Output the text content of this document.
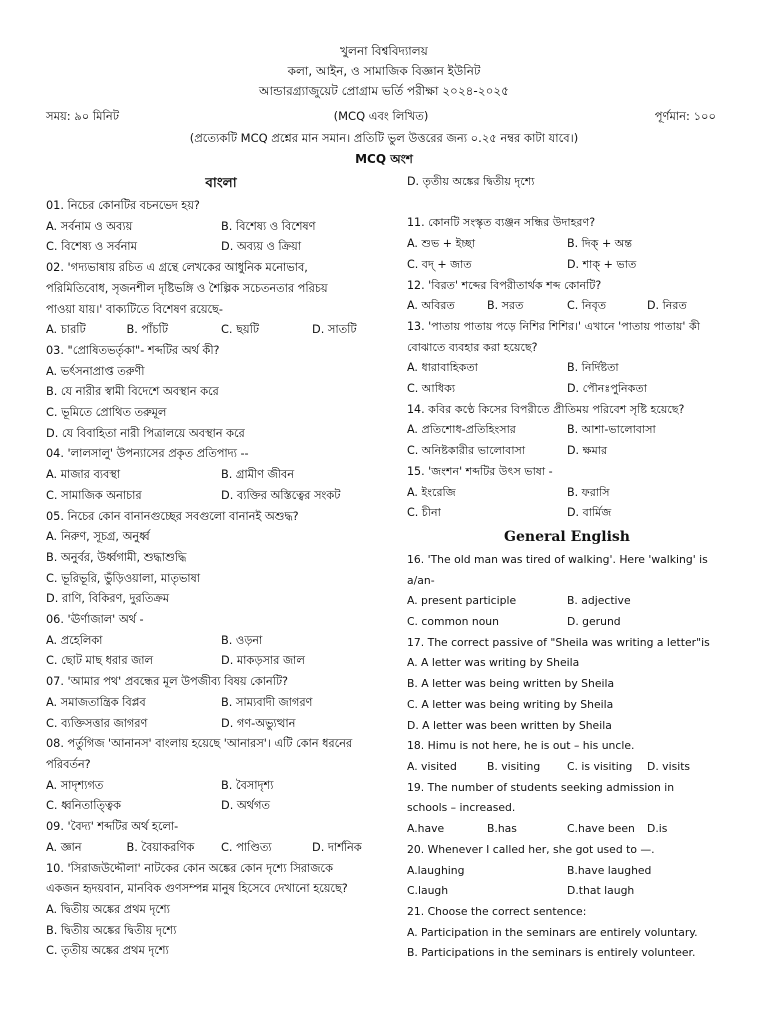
খুলনা বিশ্ববিদ্যালয়
কলা, আইন, ও সামাজিক বিজ্ঞান ইউনিট
আন্ডারগ্র্যাজুয়েট প্রোগ্রাম ভর্তি পরীক্ষা ২০২৪-২০২৫
সময়: ৯০ মিনিট	(MCQ এবং লিখিত)	পূর্ণমান: ১০০
(প্রত্যেকটি MCQ প্রশ্নের মান সমান। প্রতিটি ভুল উত্তরের জন্য ০.২৫ নম্বর কাটা যাবে।)
MCQ অংশ
বাংলা
01. নিচের কোনটির বচনভেদ হয়?
A. সর্বনাম ও অব্যয়	B. বিশেষ্য ও বিশেষণ
C. বিশেষ্য ও সর্বনাম	D. অব্যয় ও ক্রিয়া
02. 'গদ্যভাষায় রচিত এ গ্রন্থে লেখকের আধুনিক মনোভাব,
পরিমিতিবোধ, সৃজনশীল দৃষ্টিভঙ্গি ও শৈল্পিক সচেতনতার পরিচয়
পাওয়া যায়।' বাক্যটিতে বিশেষণ রয়েছে-
A. চারটি	B. পাঁচটি	C. ছয়টি	D. সাতটি
03. "প্রোষিতভর্তৃকা"- শব্দটির অর্থ কী?
A. ভর্ৎসনাপ্রাপ্ত তরুণী
B. যে নারীর স্বামী বিদেশে অবস্থান করে
C. ভূমিতে প্রোথিত তরুমূল
D. যে বিবাহিতা নারী পিত্রালয়ে অবস্থান করে
04. 'লালসালু' উপন্যাসের প্রকৃত প্রতিপাদ্য --
A. মাজার ব্যবস্থা	B. গ্রামীণ জীবন
C. সামাজিক অনাচার	D. ব্যক্তির অস্তিত্বের সংকট
05. নিচের কোন বানানগুচ্ছের সবগুলো বানানই অশুদ্ধ?
A. নিরুণ, সূচগ্র, অনুর্ধ্ব
B. অনুর্বর, উর্ধ্বগামী, শুদ্ধাশুদ্ধি
C. ভূরিভূরি, ভুঁড়িওয়ালা, মাতৃভাষা
D. রাণি, বিকিরণ, দুরতিক্রম
06. 'ঊর্ণাজাল' অর্থ -
A. প্রহেলিকা	B. ওড়না
C. ছোট মাছ ধরার জাল	D. মাকড়সার জাল
07. 'আমার পথ' প্রবন্ধের মূল উপজীব্য বিষয় কোনটি?
A. সমাজতান্ত্রিক বিপ্লব	B. সাম্যবাদী জাগরণ
C. ব্যক্তিসত্তার জাগরণ	D. গণ-অভ্যুত্থান
08. পর্তুগিজ 'আনানস' বাংলায় হয়েছে 'আনারস'। এটি কোন ধরনের
পরিবর্তন?
A. সাদৃশ্যগত	B. বৈসাদৃশ্য
C. ধ্বনিতাত্ত্বিক	D. অর্থগত
09. 'বৈদ্য' শব্দটির অর্থ হলো-
A. জ্ঞান	B. বৈয়াকরণিক	C. পাণ্ডিত্য	D. দার্শনিক
10. 'সিরাজউদ্দৌলা' নাটকের কোন অঙ্কের কোন দৃশ্যে সিরাজকে
একজন হৃদয়বান, মানবিক গুণসম্পন্ন মানুষ হিসেবে দেখানো হয়েছে?
A. দ্বিতীয় অঙ্কের প্রথম দৃশ্যে
B. দ্বিতীয় অঙ্কের দ্বিতীয় দৃশ্যে
C. তৃতীয় অঙ্কের প্রথম দৃশ্যে
D. তৃতীয় অঙ্কের দ্বিতীয় দৃশ্যে

11. কোনটি সংস্কৃত ব্যঞ্জন সন্ধির উদাহরণ?
A. শুভ + ইচ্ছা	B. দিক্ + অন্ত
C. বদ্ + জাত	D. শাক্ + ভাত
12. 'বিরত' শব্দের বিপরীতার্থক শব্দ কোনটি?
A. অবিরত	B. সরত	C. নিবৃত	D. নিরত
13. 'পাতায় পাতায় পড়ে নিশির শিশির।' এখানে 'পাতায় পাতায়' কী
বোঝাতে ব্যবহার করা হয়েছে?
A. ধারাবাহিকতা	B. নির্দিষ্টতা
C. আধিক্য	D. পৌনঃপুনিকতা
14. কবির কণ্ঠে কিসের বিপরীতে প্রীতিময় পরিবেশ সৃষ্টি হয়েছে?
A. প্রতিশোধ-প্রতিহিংসার	B. আশা-ভালোবাসা
C. অনিষ্টকারীর ভালোবাসা	D. ক্ষমার
15. 'জংশন' শব্দটির উৎস ভাষা -
A. ইংরেজি	B. ফরাসি
C. চীনা	D. বার্মিজ
General English
16. 'The old man was tired of walking'. Here 'walking' is
a/an-
A. present participle	B. adjective
C. common noun	D. gerund
17. The correct passive of "Sheila was writing a letter"is
A. A letter was writing by Sheila
B. A letter was being written by Sheila
C. A letter was being writing by Sheila
D. A letter was been written by Sheila
18. Himu is not here, he is out – his uncle.
A. visited	B. visiting	C. is visiting	D. visits
19. The number of students seeking admission in
schools – increased.
A.have	B.has	C.have been	D.is
20. Whenever I called her, she got used to —.
A.laughing	B.have laughed
C.laugh	D.that laugh
21. Choose the correct sentence:
A. Participation in the seminars are entirely voluntary.
B. Participations in the seminars is entirely volunteer.
